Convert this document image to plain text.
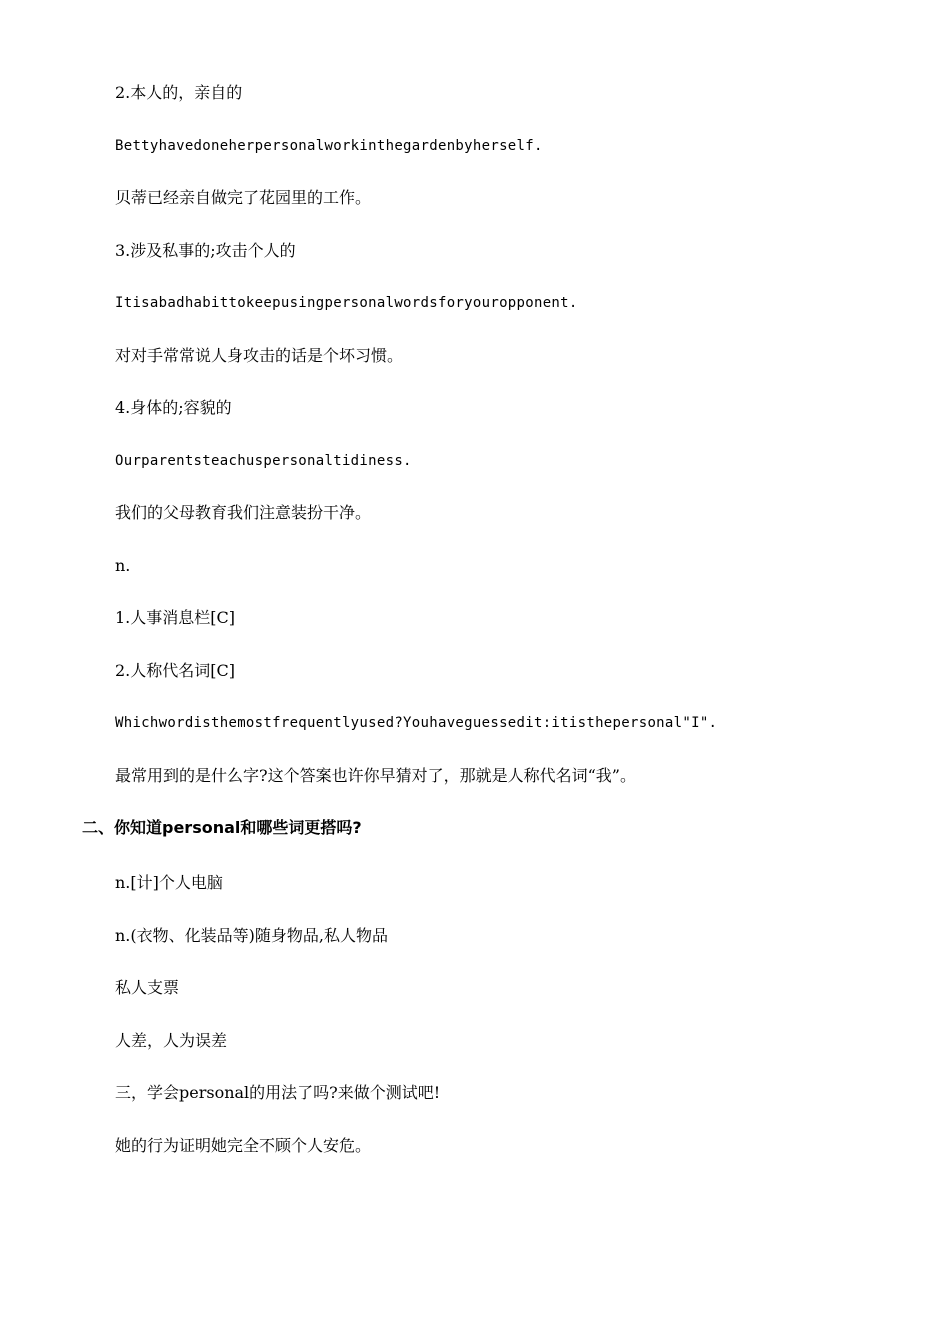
2.本人的，亲自的
Bettyhavedoneherpersonalworkinthegardenbyherself.
贝蒂已经亲自做完了花园里的工作。
3.涉及私事的;攻击个人的
Itisabadhabittokeepusingpersonalwordsforyouropponent.
对对手常常说人身攻击的话是个坏习惯。
4.身体的;容貌的
Ourparentsteachuspersonaltidiness.
我们的父母教育我们注意装扮干净。
n.
1.人事消息栏[C]
2.人称代名词[C]
Whichwordisthemostfrequentlyused?Youhaveguessedit:itisthepersonal"I".
最常用到的是什么字?这个答案也许你早猜对了，那就是人称代名词“我”。
二、你知道personal和哪些词更搭吗?
n.[计]个人电脑
n.(衣物、化装品等)随身物品,私人物品
私人支票
人差，人为误差
三，学会personal的用法了吗?来做个测试吧!
她的行为证明她完全不顾个人安危。
